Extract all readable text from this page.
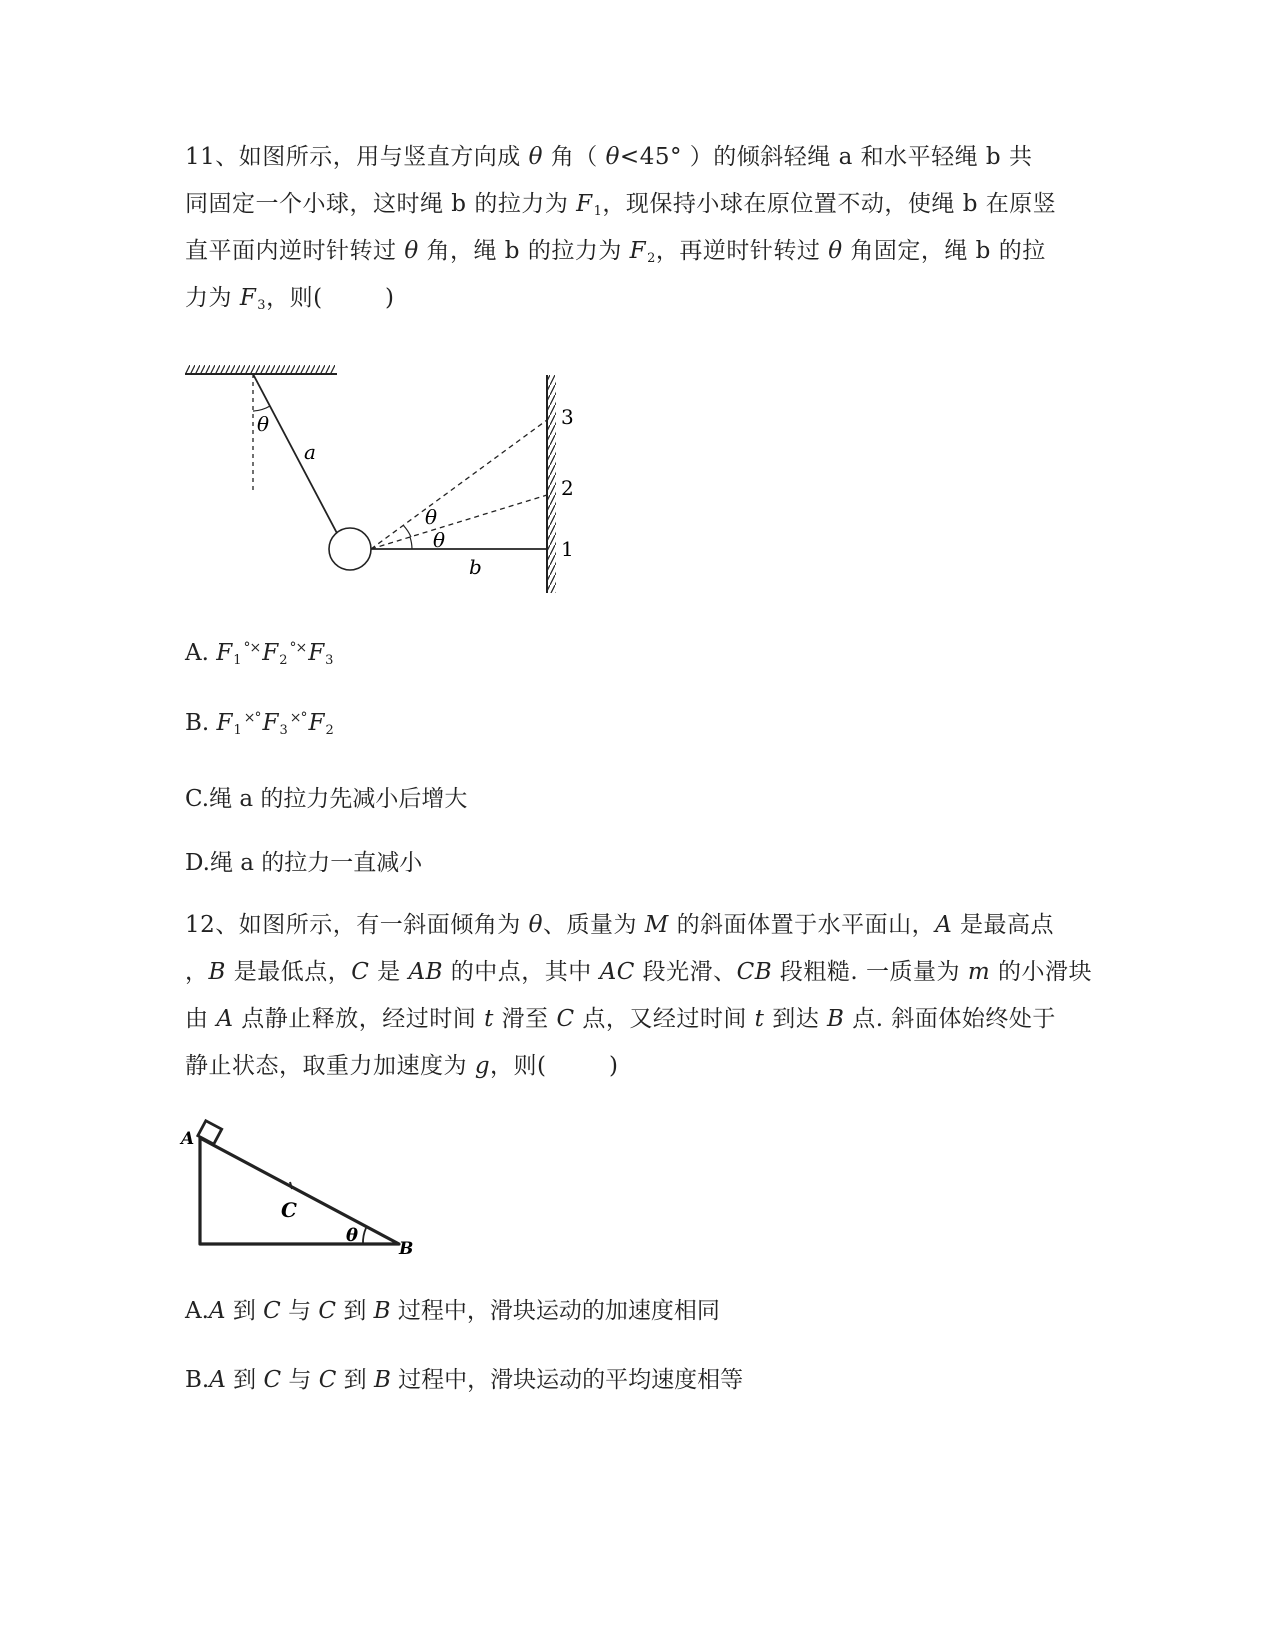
11、如图所示，用与竖直方向成 θ 角（ θ<45° ）的倾斜轻绳 a 和水平轻绳 b 共
同固定一个小球，这时绳 b 的拉力为 $F_1$，现保持小球在原位置不动，使绳 b 在原竖
直平面内逆时针转过 θ 角，绳 b 的拉力为 $F_2$，再逆时针转过 θ 角固定，绳 b 的拉
力为 $F_3$，则(	)
θ
a
b
θ
θ
1
2
3
A. $F_1^{^\circ\times}F_2^{^\circ\times}F_3$
B. $F_1^{\times^\circ}F_3^{\times^\circ}F_2$
C.绳 a 的拉力先减小后增大
D.绳 a 的拉力一直减小
12、如图所示，有一斜面倾角为 θ、质量为 M 的斜面体置于水平面山，A 是最高点
，B 是最低点，C 是 AB 的中点，其中 AC 段光滑、CB 段粗糙. 一质量为 m 的小滑块
由 A 点静止释放，经过时间 t 滑至 C 点，又经过时间 t 到达 B 点. 斜面体始终处于
静止状态，取重力加速度为 g，则(	)
A
C
θ
B
A.A 到 C 与 C 到 B 过程中，滑块运动的加速度相同
B.A 到 C 与 C 到 B 过程中，滑块运动的平均速度相等
